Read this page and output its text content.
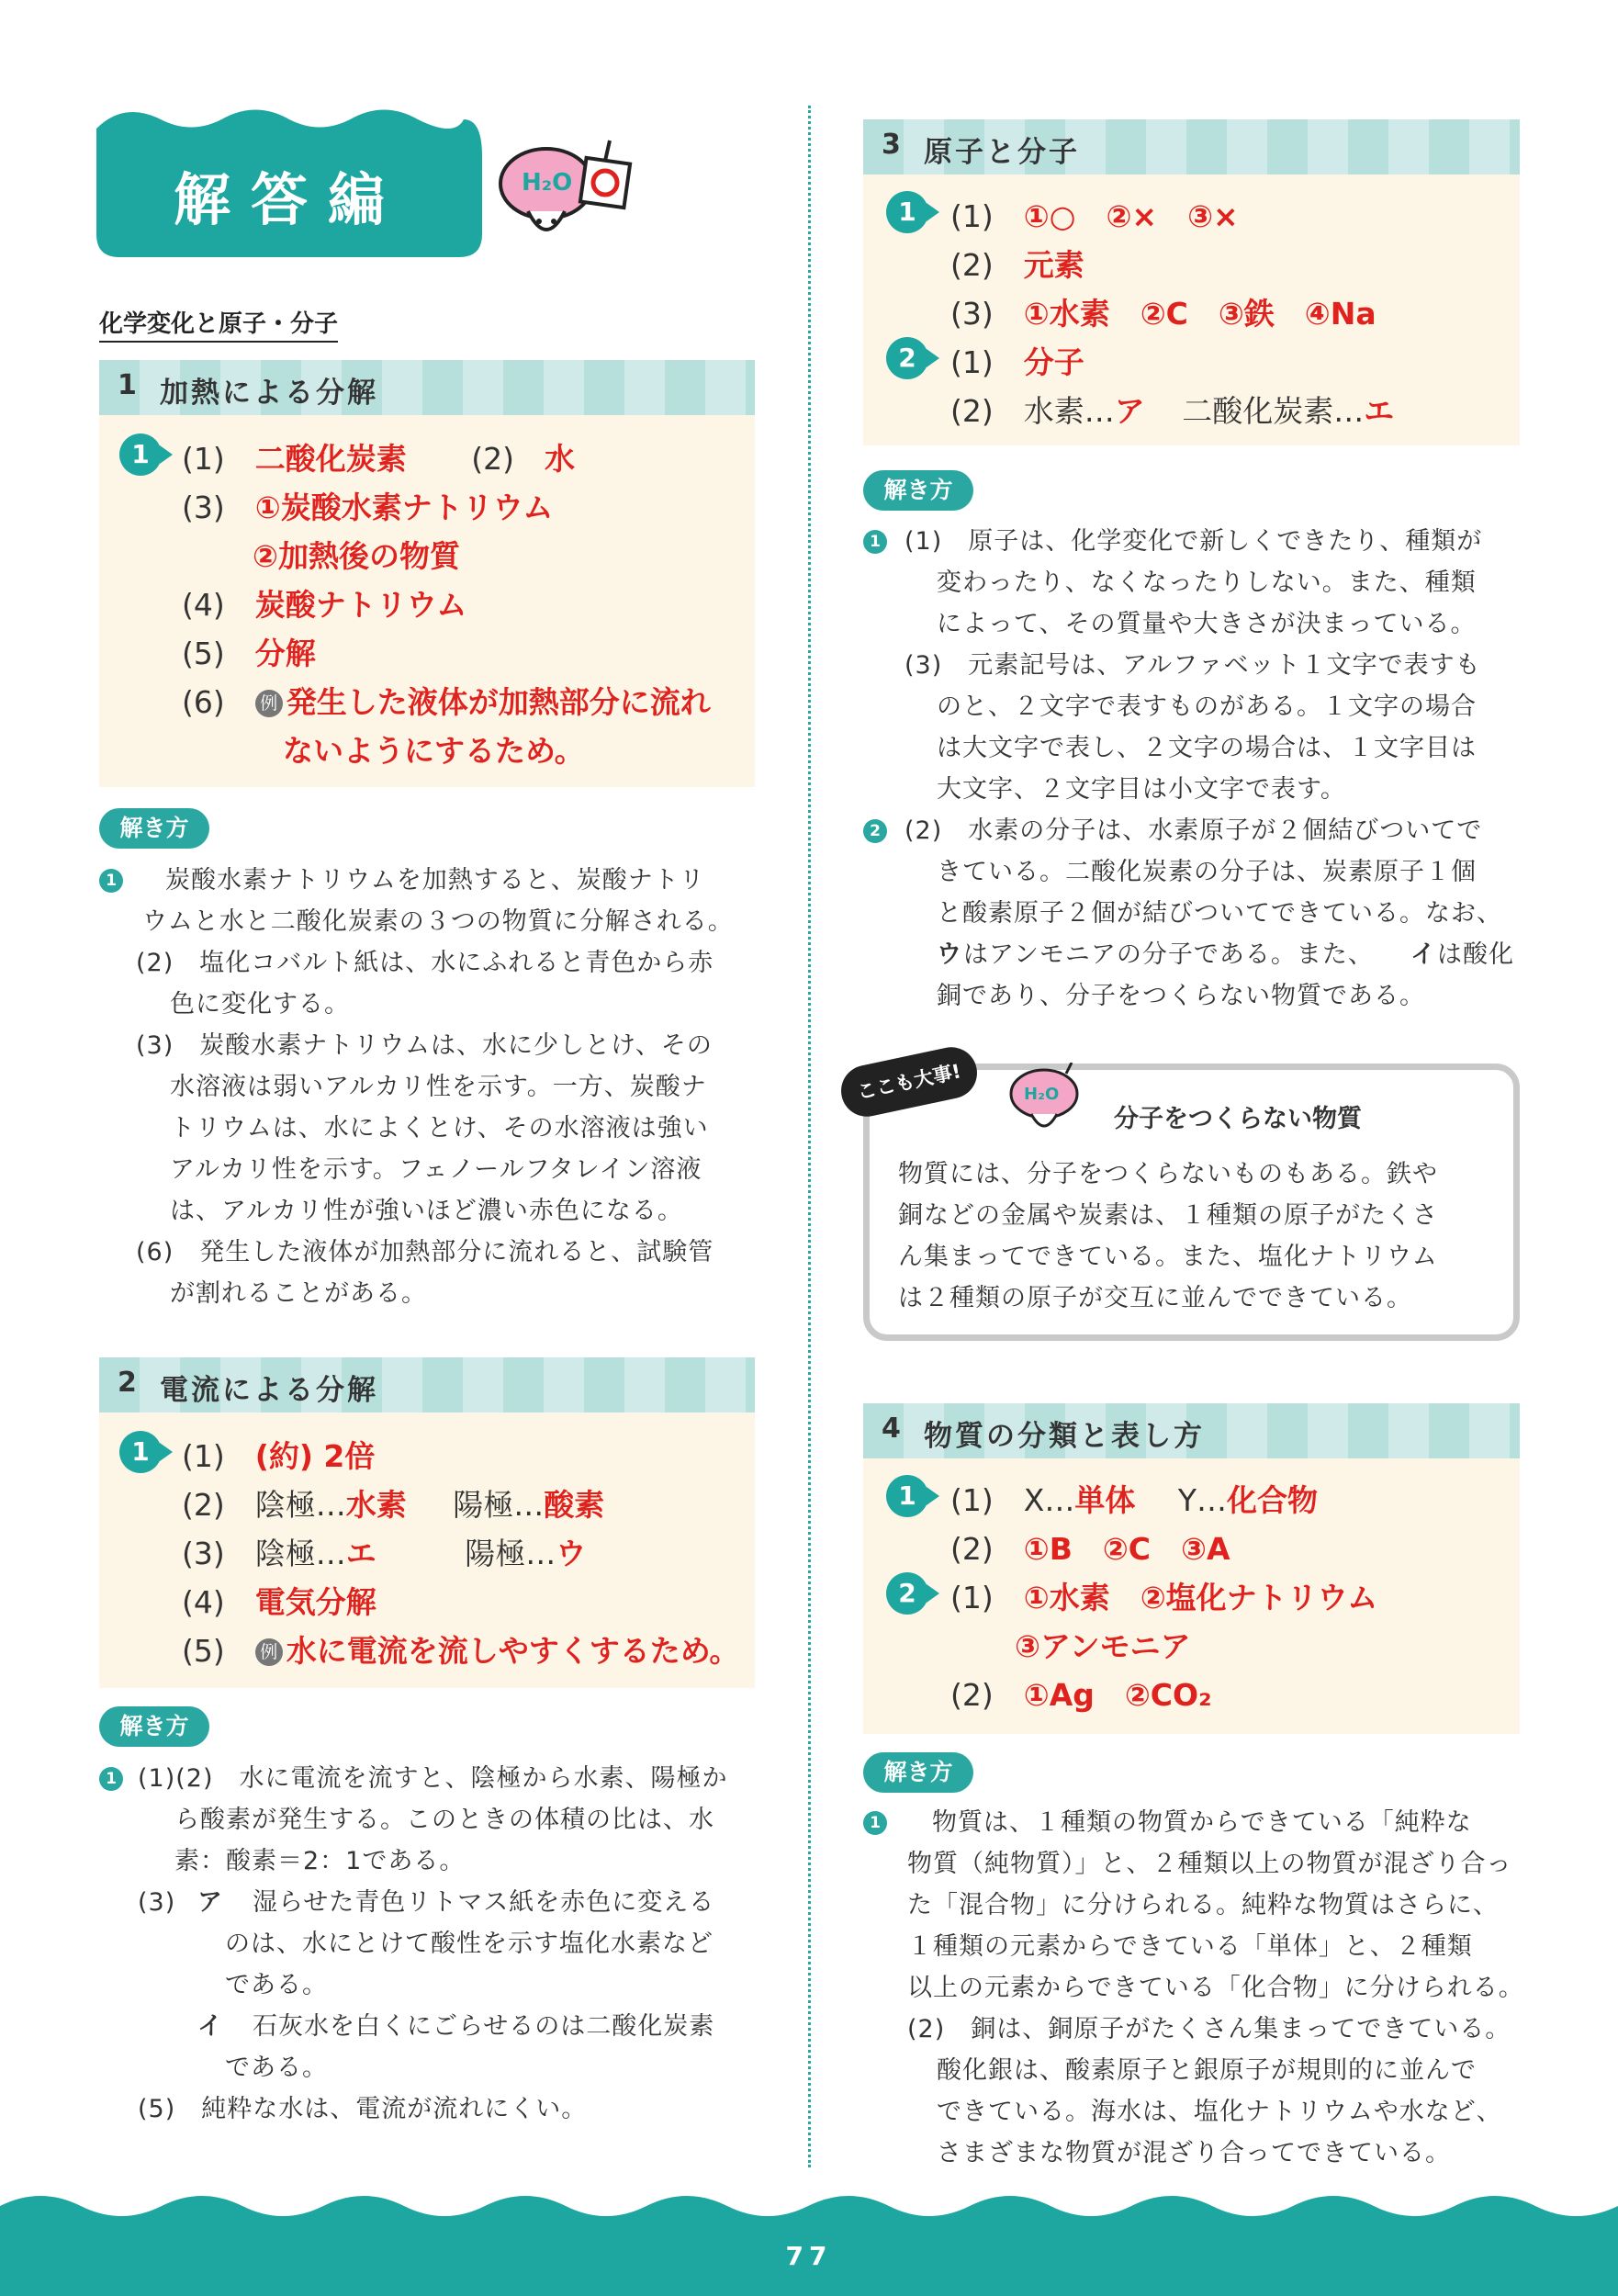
解答編	H₂O
化学変化と原子・分子
1 加熱による分解
1	(1)　 二酸化炭素 (2)　 水
(3)　 ①炭酸水素ナトリウム
②加熱後の物質
(4)　 炭酸ナトリウム
(5)　 分解
(6)　 例 発生した液体が加熱部分に流れ
ないようにするため。
解き方
1 炭酸水素ナトリウムを加熱すると、炭酸ナトリ
ウムと水と二酸化炭素の３つの物質に分解される。
(2)　塩化コバルト紙は、水にふれると青色から赤
色に変化する。
(3)　炭酸水素ナトリウムは、水に少しとけ、その
水溶液は弱いアルカリ性を示す。一方、炭酸ナ
トリウムは、水によくとけ、その水溶液は強い
アルカリ性を示す。フェノールフタレイン溶液
は、アルカリ性が強いほど濃い赤色になる。
(6)　発生した液体が加熱部分に流れると、試験管
が割れることがある。
2 電流による分解
1	(1)　 (約) 2倍
(2)　 陰極…水素 陽極…酸素
(3)　 陰極…エ	陽極…ウ
(4)　 電気分解
(5)　 例 水に電流を流しやすくするため。
解き方
1 (1)(2)　水に電流を流すと、陰極から水素、陽極か
ら酸素が発生する。このときの体積の比は、水
素：酸素＝2：1である。
(3) ア 湿らせた青色リトマス紙を赤色に変える
のは、水にとけて酸性を示す塩化水素など
である。
イ 石灰水を白くにごらせるのは二酸化炭素
である。
(5)　純粋な水は、電流が流れにくい。
3 原子と分子
1	(1)　 ①○　②×　③×
(2)　 元素
(3)　 ①水素　②C　③鉄　④Na
2	(1)　 分子
(2)　 水素…ア 二酸化炭素…エ
解き方
1 (1)　原子は、化学変化で新しくできたり、種類が
変わったり、なくなったりしない。また、種類
によって、その質量や大きさが決まっている。
(3)　元素記号は、アルファベット１文字で表すも
のと、２文字で表すものがある。１文字の場合
は大文字で表し、２文字の場合は、１文字目は
大文字、２文字目は小文字で表す。
2 (2)　水素の分子は、水素原子が２個結びついてで
きている。二酸化炭素の分子は、炭素原子１個
と酸素原子２個が結びついてできている。なお、
ウ はアンモニアの分子である。また、 イ は酸化
銅であり、分子をつくらない物質である。
ここも大事!	H₂O
分子をつくらない物質
物質には、分子をつくらないものもある。鉄や
銅などの金属や炭素は、１種類の原子がたくさ
ん集まってできている。また、塩化ナトリウム
は２種類の原子が交互に並んでできている。
4 物質の分類と表し方
1	(1)　 X…単体 Y…化合物
(2)　 ①B　②C　③A
2	(1)　 ①水素　②塩化ナトリウム
③アンモニア
(2)　 ①Ag　②CO₂
解き方
1 物質は、１種類の物質からできている「純粋な
物質（純物質）」と、２種類以上の物質が混ざり合っ
た「混合物」に分けられる。純粋な物質はさらに、
１種類の元素からできている「単体」と、２種類
以上の元素からできている「化合物」に分けられる。
(2)　銅は、銅原子がたくさん集まってできている。
酸化銀は、酸素原子と銀原子が規則的に並んで
できている。海水は、塩化ナトリウムや水など、
さまざまな物質が混ざり合ってできている。
77
